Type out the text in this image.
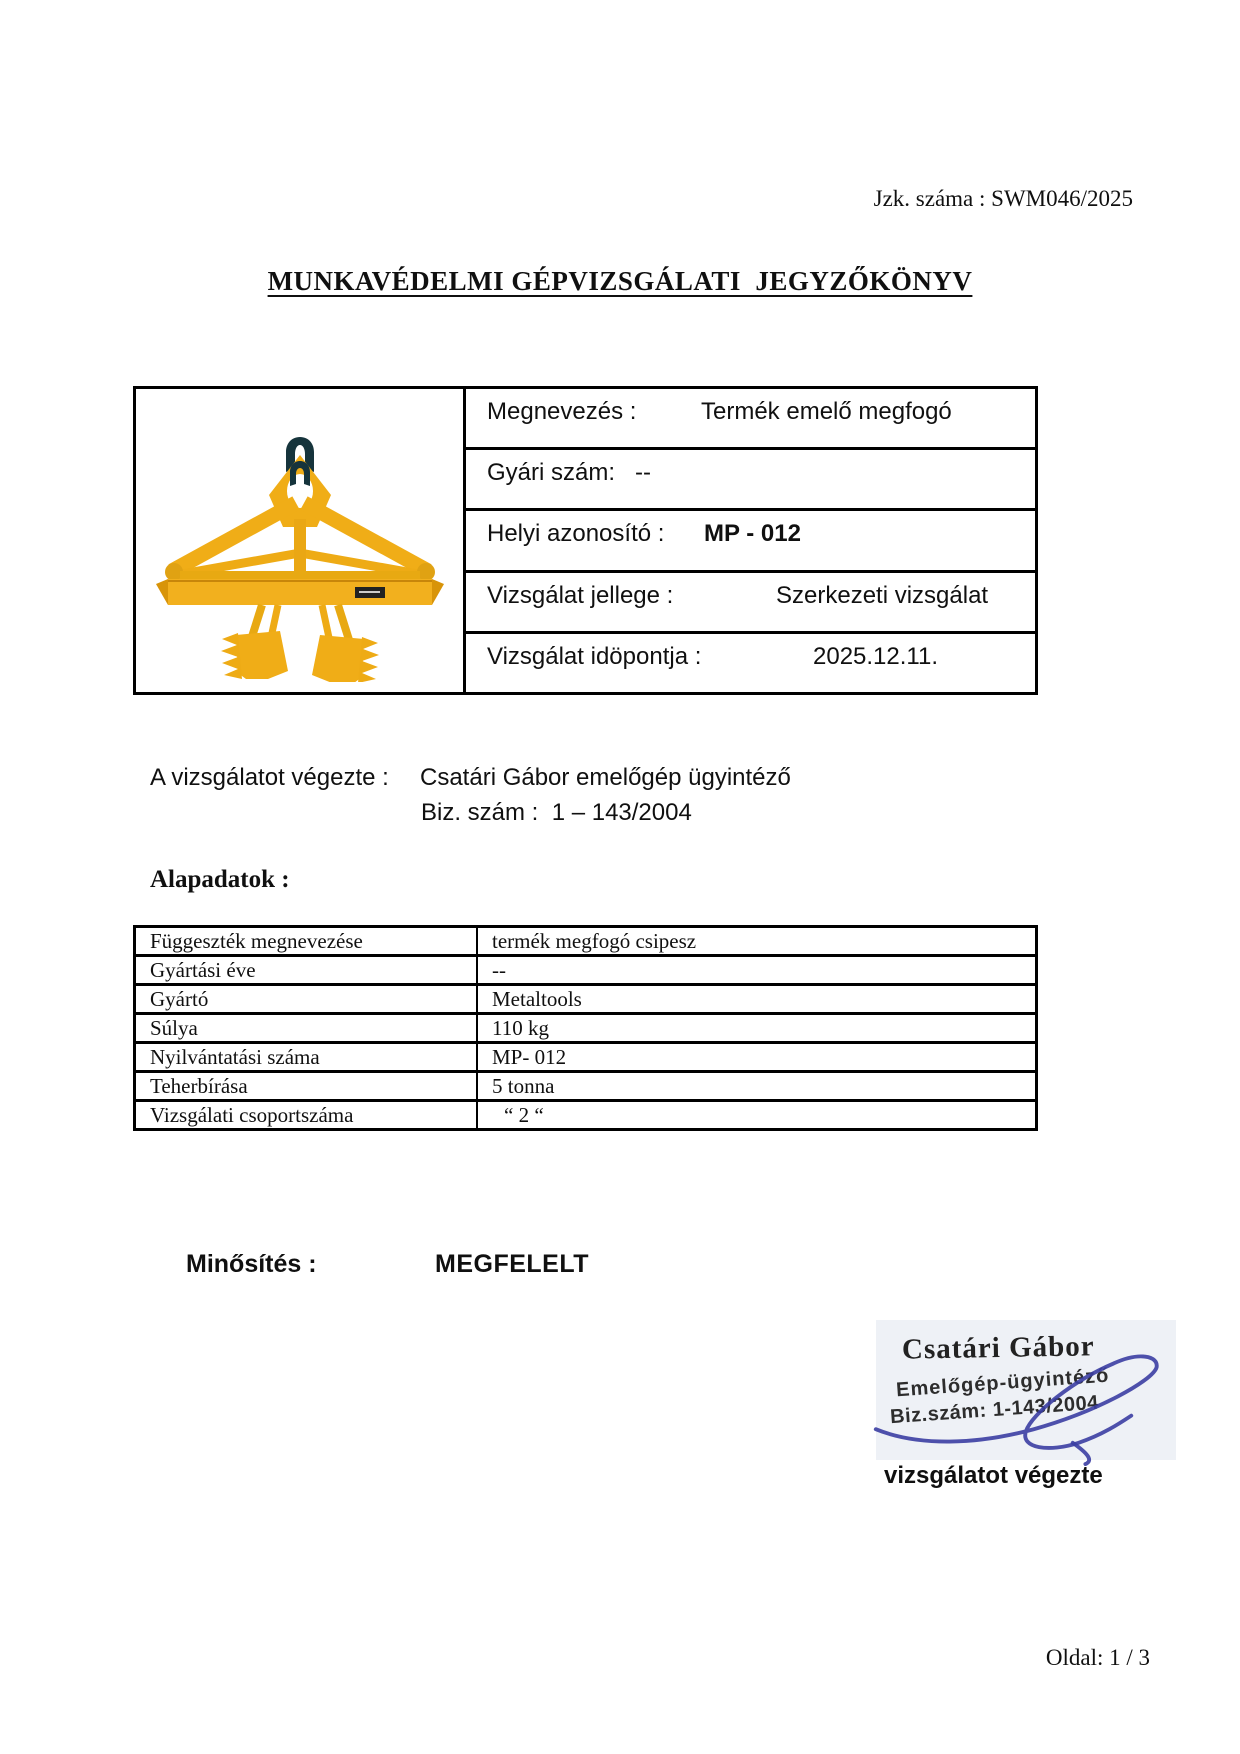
Jzk. száma : SWM046/2025
MUNKAVÉDELMI GÉPVIZSGÁLATI  JEGYZŐKÖNYV
Megnevezés :	Termék emelő megfogó
Gyári szám: --
Helyi azonosító : MP - 012
Vizsgálat jellege :	Szerkezeti vizsgálat
Vizsgálat idöpontja :	2025.12.11.
A vizsgálatot végezte : Csatári Gábor emelőgép ügyintéző
Biz. szám :  1 – 143/2004
Alapadatok :
Függeszték megnevezése	termék megfogó csipesz
Gyártási éve	--
Gyártó	Metaltools
Súlya	110 kg
Nyilvántatási száma	MP- 012
Teherbírása	5 tonna
Vizsgálati csoportszáma	“ 2 “
Minősítés :	MEGFELELT
Csatári Gábor
Emelőgép-ügyintéző
Biz.szám: 1-143/2004
vizsgálatot végezte
Oldal: 1 / 3
